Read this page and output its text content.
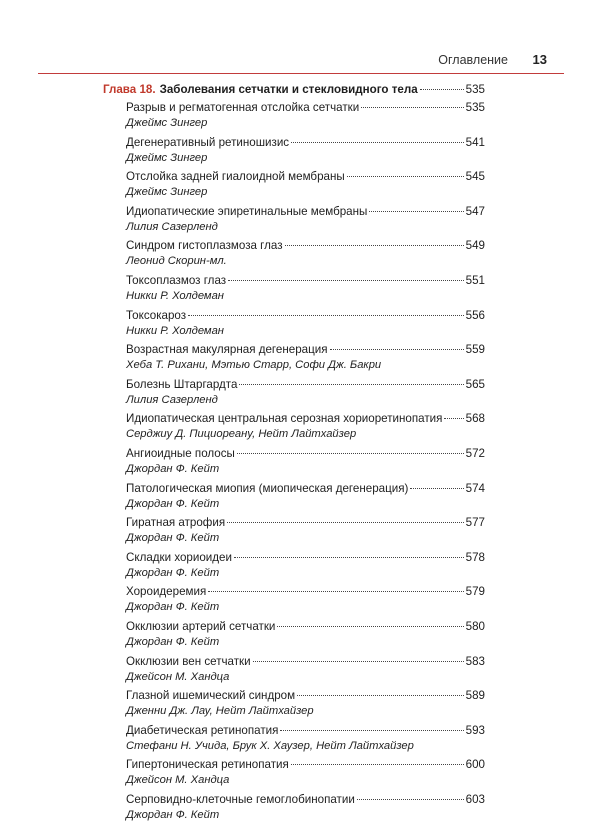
Оглавление 13
Глава 18. Заболевания сетчатки и стекловидного тела	535
Разрыв и регматогенная отслойка сетчатки	535
Джеймс Зингер
Дегенеративный ретиношизис	541
Джеймс Зингер
Отслойка задней гиалоидной мембраны	545
Джеймс Зингер
Идиопатические эпиретинальные мембраны	547
Лилия Сазерленд
Синдром гистоплазмоза глаз	549
Леонид Скорин-мл.
Токсоплазмоз глаз	551
Никки Р. Холдеман
Токсокароз	556
Никки Р. Холдеман
Возрастная макулярная дегенерация	559
Хеба Т. Рихани, Мэтью Старр, Софи Дж. Бакри
Болезнь Штаргардта	565
Лилия Сазерленд
Идиопатическая центральная серозная хориоретинопатия 568
Серджиу Д. Пициореану, Нейт Лайтхайзер
Ангиоидные полосы	572
Джордан Ф. Кейт
Патологическая миопия (миопическая дегенерация)	574
Джордан Ф. Кейт
Гиратная атрофия	577
Джордан Ф. Кейт
Складки хориоидеи	578
Джордан Ф. Кейт
Хороидеремия	579
Джордан Ф. Кейт
Окклюзии артерий сетчатки	580
Джордан Ф. Кейт
Окклюзии вен сетчатки	583
Джейсон М. Хандца
Глазной ишемический синдром	589
Дженни Дж. Лау, Нейт Лайтхайзер
Диабетическая ретинопатия	593
Стефани Н. Учида, Брук Х. Хаузер, Нейт Лайтхайзер
Гипертоническая ретинопатия	600
Джейсон М. Хандца
Серповидно-клеточные гемоглобинопатии	603
Джордан Ф. Кейт
